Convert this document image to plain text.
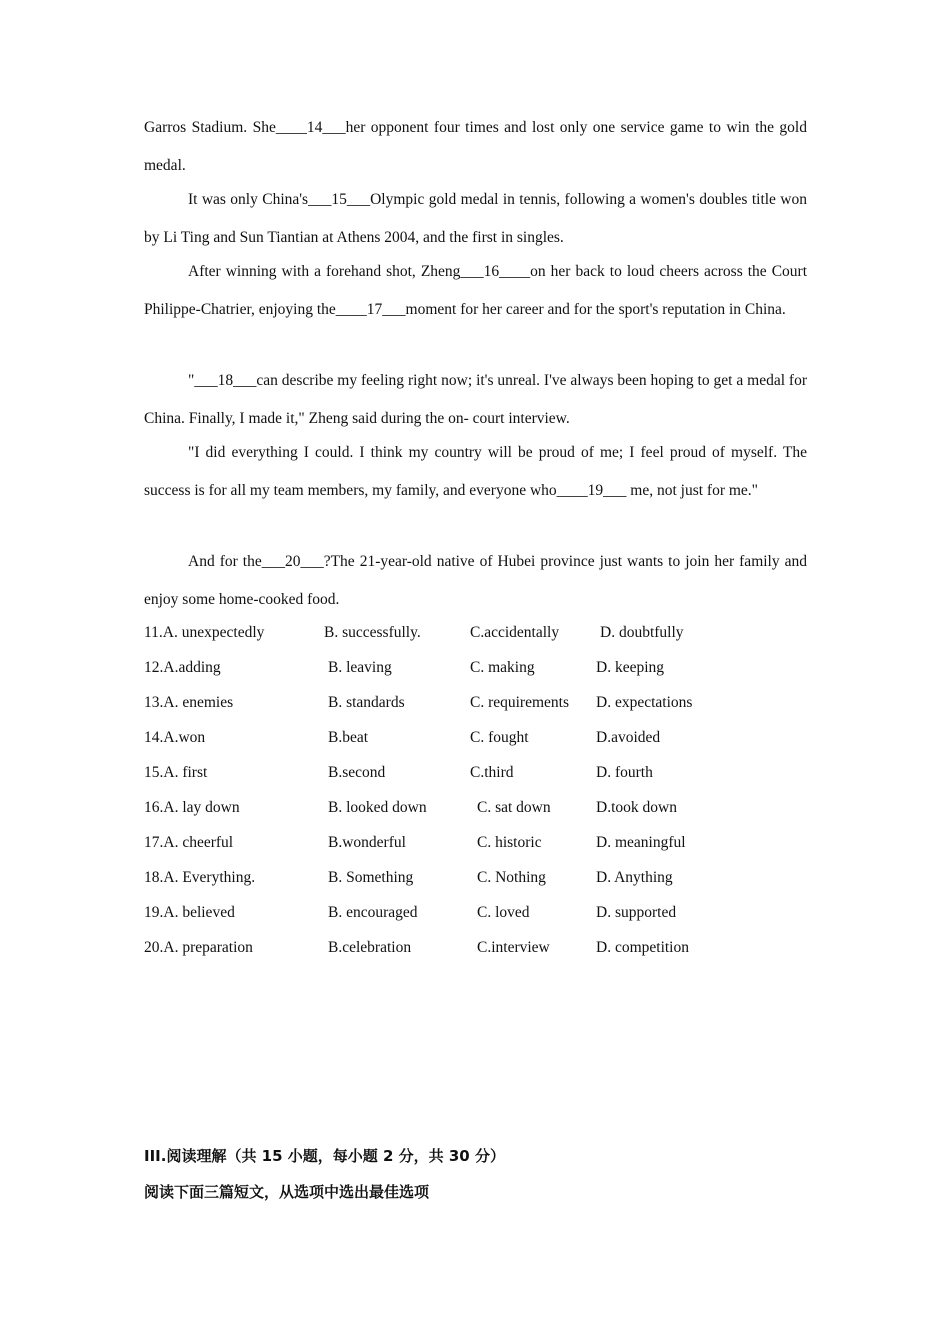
Garros Stadium. She____14___her opponent four times and lost only one service game to win the gold medal.

It was only China's___15___Olympic gold medal in tennis, following a women's doubles title won by Li Ting and Sun Tiantian at Athens 2004, and the first in singles.

After winning with a forehand shot, Zheng___16____on her back to loud cheers across the Court Philippe-Chatrier, enjoying the____17___moment for her career and for the sport's reputation in China.

"___18___can describe my feeling right now; it's unreal. I've always been hoping to get a medal for China. Finally, I made it," Zheng said during the on- court interview.

"I did everything I could. I think my country will be proud of me; I feel proud of myself. The success is for all my team members, my family, and everyone who____19___ me, not just for me."

And for the___20___?The 21-year-old native of Hubei province just wants to join her family and enjoy some home-cooked food.

11.A. unexpectedly	B. successfully.	C.accidentally	D. doubtfully
12.A.adding	B. leaving	C. making	D. keeping
13.A. enemies	B. standards	C. requirements D. expectations
14.A.won	B.beat	C. fought	D.avoided
15.A. first	B.second	C.third	D. fourth
16.A. lay down	B. looked down	C. sat down	D.took down
17.A. cheerful	B.wonderful	C. historic	D. meaningful
18.A. Everything.	B. Something	C. Nothing	D. Anything
19.A. believed	B. encouraged	C. loved	D. supported
20.A. preparation	B.celebration	C.interview	D. competition
III.阅读理解（共 15 小题，每小题 2 分，共 30 分）
阅读下面三篇短文，从选项中选出最佳选项
